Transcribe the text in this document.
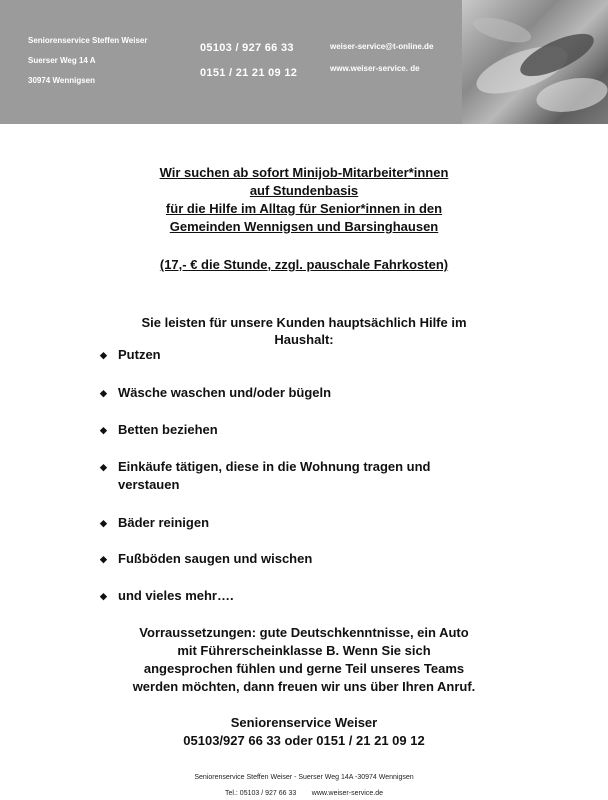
Seniorenservice Steffen Weiser
Suerser Weg 14 A
30974 Wennigsen
05103 / 927 66 33
0151 / 21 21 09 12
weiser-service@t-online.de
www.weiser-service. de
Wir suchen ab sofort Minijob-Mitarbeiter*innen
auf Stundenbasis
für die Hilfe im Alltag für Senior*innen in den
Gemeinden Wennigsen und Barsinghausen
(17,- € die Stunde, zzgl. pauschale Fahrkosten)
Sie leisten für unsere Kunden hauptsächlich Hilfe im
Haushalt:
◆ Putzen
◆ Wäsche waschen und/oder bügeln
◆ Betten beziehen
◆ Einkäufe tätigen, diese in die Wohnung tragen und
verstauen
◆ Bäder reinigen
◆ Fußböden saugen und wischen
◆ und vieles mehr….
Vorraussetzungen: gute Deutschkenntnisse, ein Auto
mit Führerscheinklasse B. Wenn Sie sich
angesprochen fühlen und gerne Teil unseres Teams
werden möchten, dann freuen wir uns über Ihren Anruf.
Seniorenservice Weiser
05103/927 66 33 oder 0151 / 21 21 09 12
Seniorenservice Steffen Weiser - Suerser Weg 14A -30974 Wennigsen
Tel.: 05103 / 927 66 33        www.weiser-service.de
